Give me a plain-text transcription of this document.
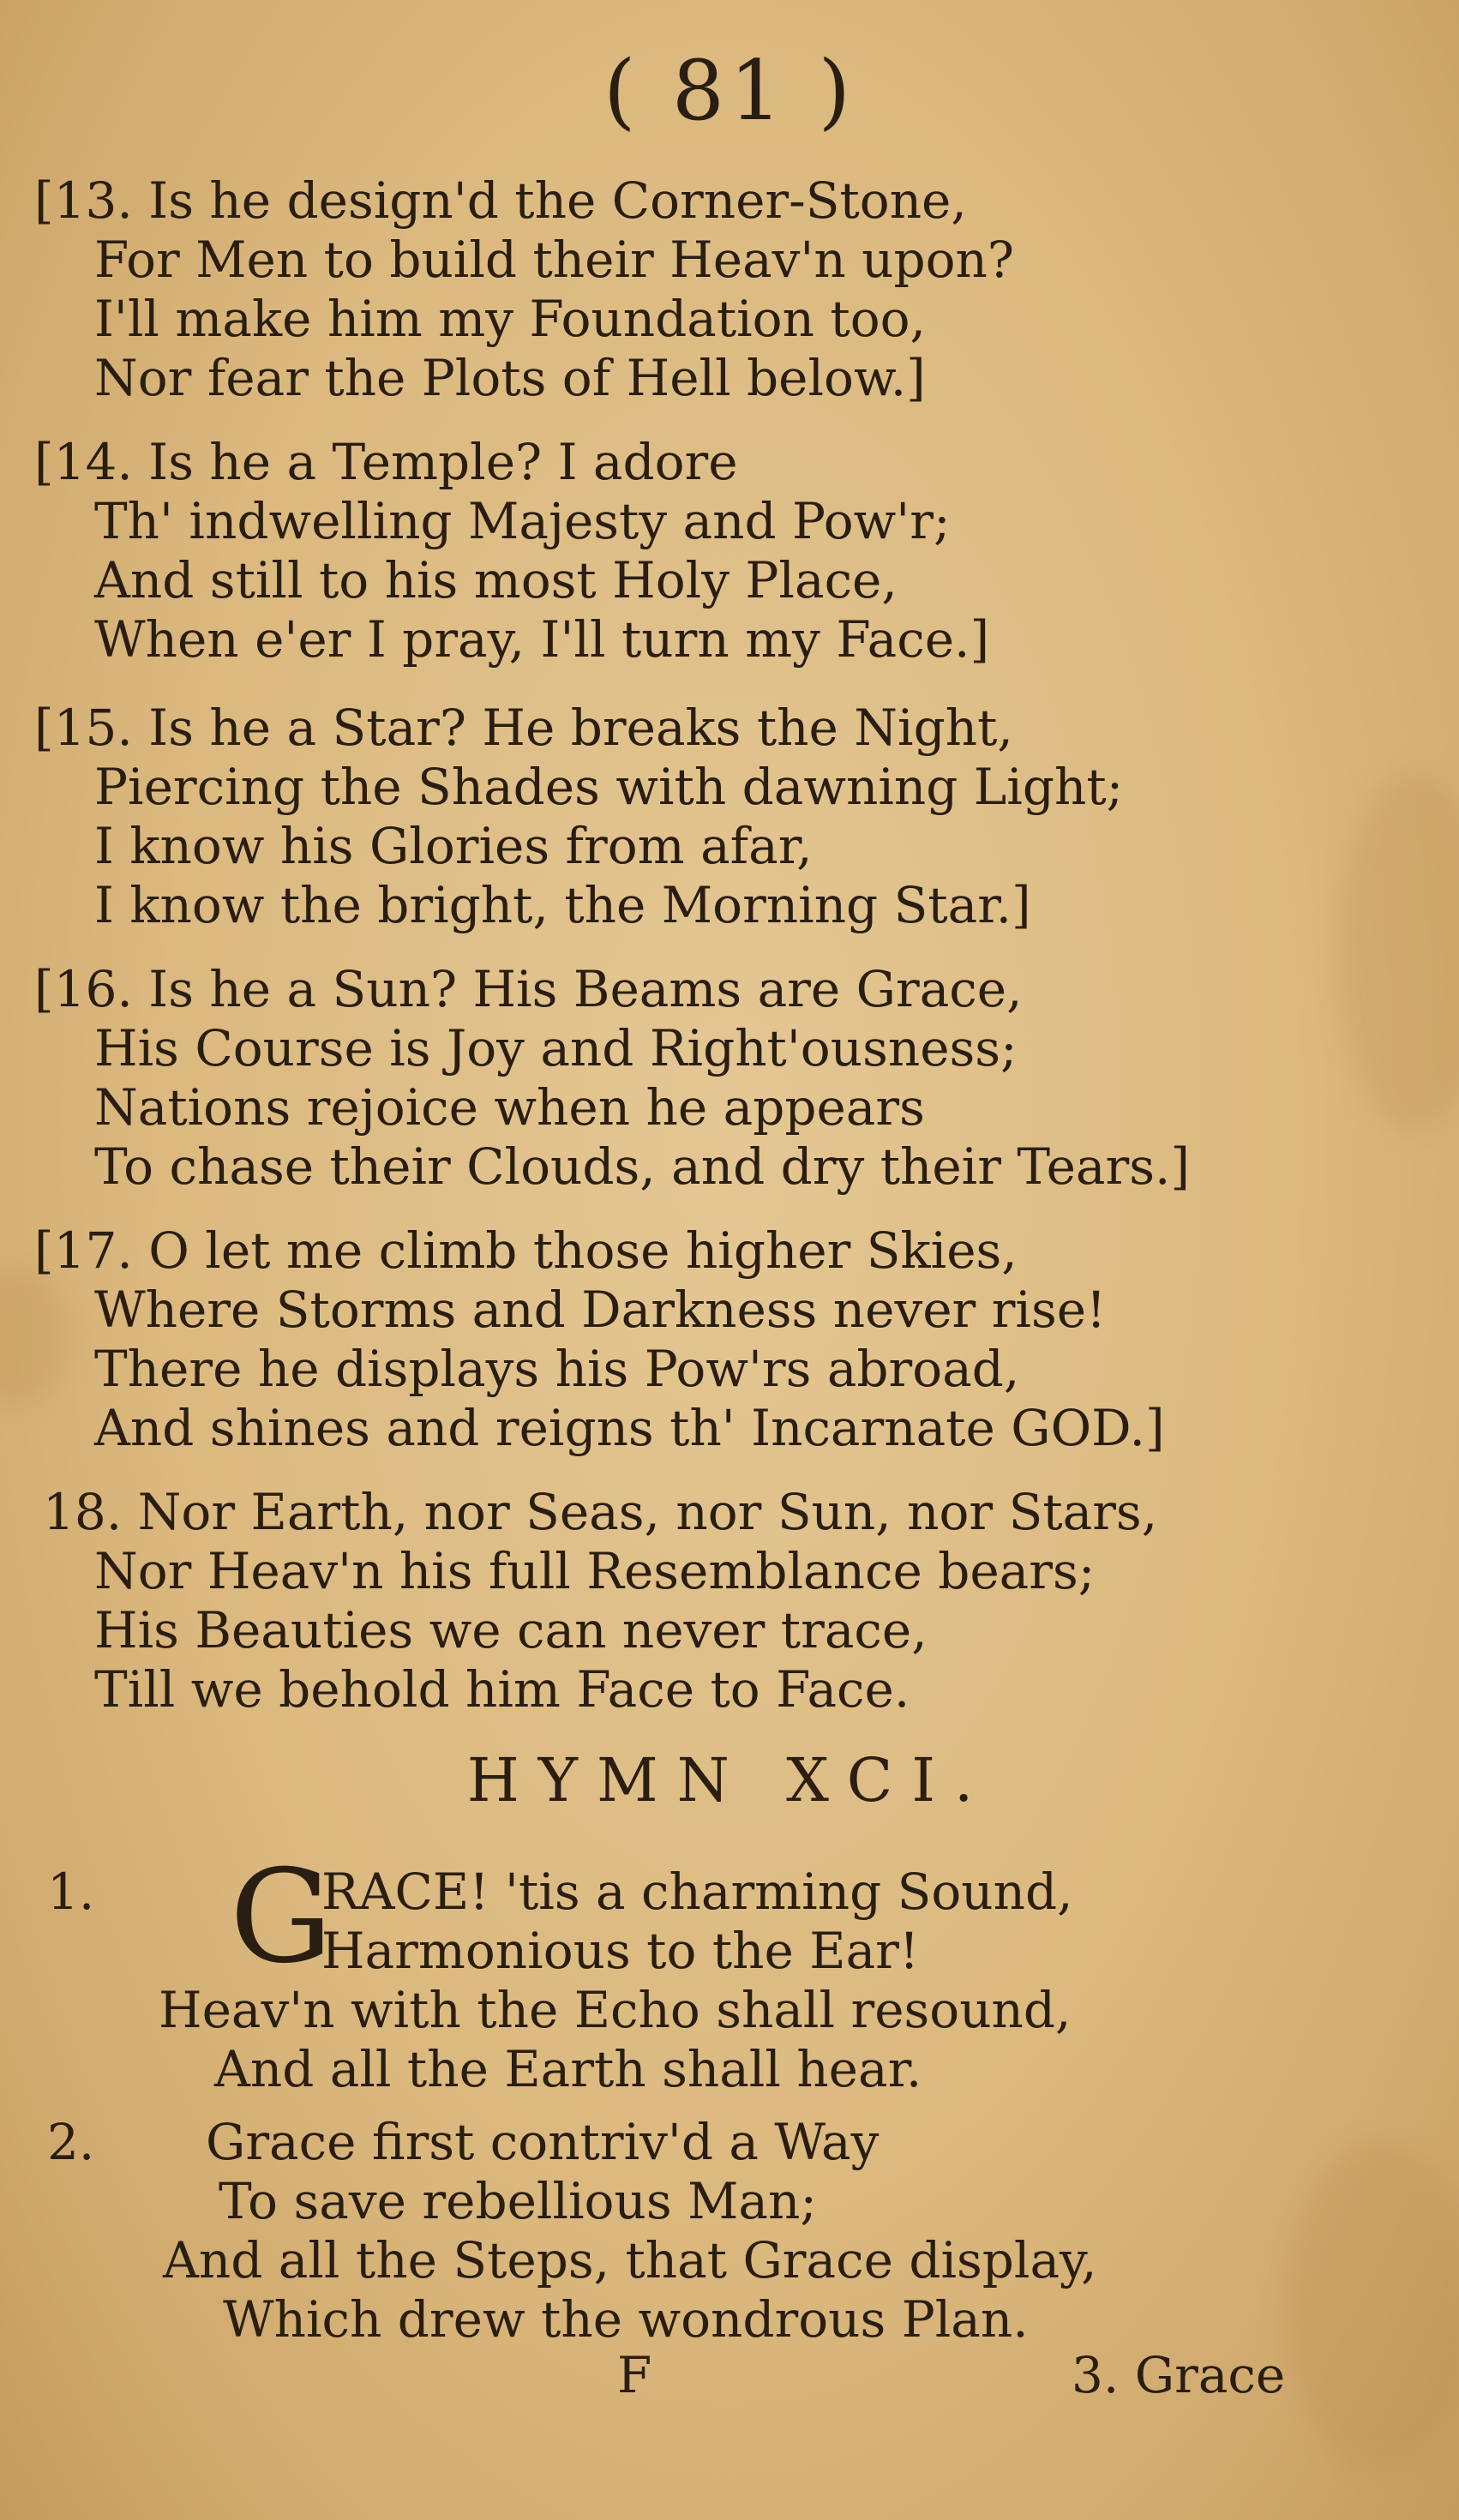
( 81 )
[13. Is he design'd the Corner-Stone,
For Men to build their Heav'n upon?
I'll make him my Foundation too,
Nor fear the Plots of Hell below.]
[14. Is he a Temple? I adore
Th' indwelling Majesty and Pow'r;
And still to his most Holy Place,
When e'er I pray, I'll turn my Face.]
[15. Is he a Star? He breaks the Night,
Piercing the Shades with dawning Light;
I know his Glories from afar,
I know the bright, the Morning Star.]
[16. Is he a Sun? His Beams are Grace,
His Course is Joy and Right'ousness;
Nations rejoice when he appears
To chase their Clouds, and dry their Tears.]
[17. O let me climb those higher Skies,
Where Storms and Darkness never rise!
There he displays his Pow'rs abroad,
And shines and reigns th' Incarnate GOD.]
18. Nor Earth, nor Seas, nor Sun, nor Stars,
Nor Heav'n his full Resemblance bears;
His Beauties we can never trace,
Till we behold him Face to Face.
HYMN XCI.
1. G
RACE! 'tis a charming Sound,
Harmonious to the Ear!
Heav'n with the Echo shall resound,
And all the Earth shall hear.
2. Grace first contriv'd a Way
To save rebellious Man;
And all the Steps, that Grace display,
Which drew the wondrous Plan.
F	3. Grace
